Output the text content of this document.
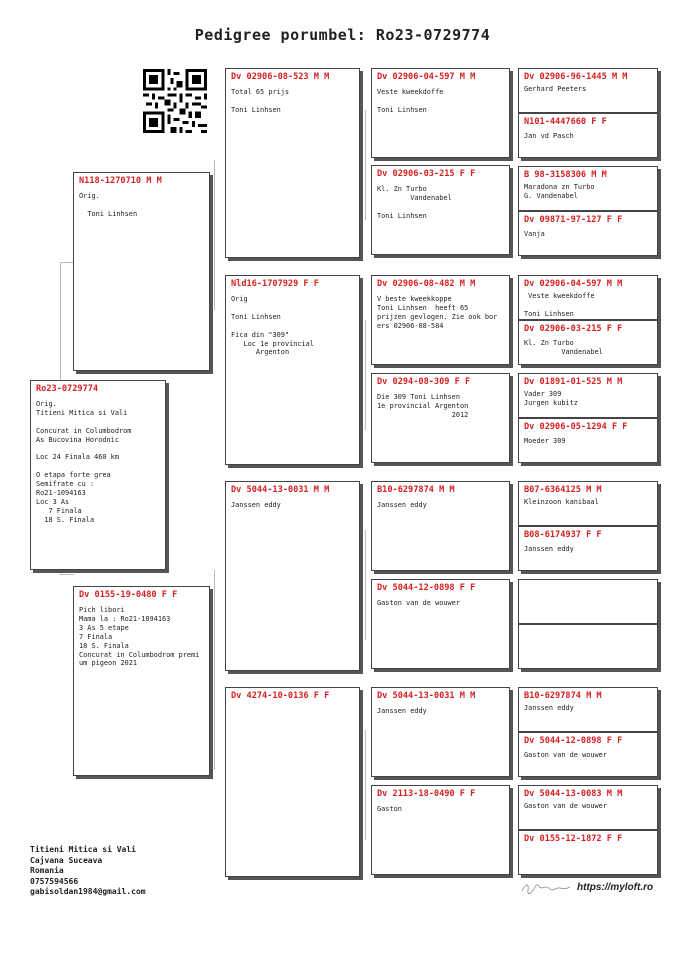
Pedigree porumbel: Ro23-0729774
Ro23-0729774
Orig.
Titieni Mitica si Vali

Concurat in Columbodrom
As Bucovina Horodnic

Loc 24 Finala 460 km

O etapa forte grea
Semifrate cu :
Ro21-1094163
Loc 3 As
7 Finala
18 S. Finala
N118-1270710 M M
Orig.

Toni Linhsen
Dv 0155-19-0480 F F
Pich libori
Mama la : Ro21-1094163
3 As 5 etape
7 Finala
18 S. Finala
Concurat in Columbodrom premi
um pigeon 2021
Dv 02906-08-523 M M
Total 65 prijs

Toni Linhsen
Nld16-1707929 F F
Orig

Toni Linhsen

Fica din "309"
Loc 1e provincial
Argenton
Dv 5044-13-0031 M M
Janssen eddy
Dv 4274-10-0136 F F
Dv 02906-04-597 M M
Veste kweekdoffe

Toni Linhsen
Dv 02906-03-215 F F
Kl. Zn Turbo
Vandenabel

Toni Linhsen
Dv 02906-08-482 M M
V beste kweekkoppe
Toni Linhsen  heeft 65
prijzen gevlogen. Zie ook bor
ers 02906-08-584
Dv 0294-08-309 F F
Die 309 Toni Linhsen
1e provincial Argenton
2012
B10-6297874 M M
Janssen eddy
Dv 5044-12-0898 F F
Gaston van de wouwer
Dv 5044-13-0031 M M
Janssen eddy
Dv 2113-18-0490 F F
Gaston
Dv 02906-96-1445 M M
Gerhard Peeters
N101-4447660 F F
Jan vd Pasch
B 98-3158306 M M
Maradona zn Turbo
G. Vandenabel
Dv 09871-97-127 F F
Vanja
Dv 02906-04-597 M M
Veste kweekdoffe

Toni Linhsen
Dv 02906-03-215 F F
Kl. Zn Turbo
Vandenabel
Dv 01891-01-525 M M
Vader 309
Jurgen kubitz
Dv 02906-05-1294 F F
Moeder 309
B07-6364125 M M
Kleinzoon kanibaal
B08-6174937 F F
Janssen eddy
B10-6297874 M M
Janssen eddy
Dv 5044-12-0898 F F
Gaston van de wouwer
Dv 5044-13-0083 M M
Gaston van de wouwer
Dv 0155-12-1872 F F
Titieni Mitica si Vali
Cajvana Suceava
Romania
0757594566
gabisoldan1984@gmail.com	https://myloft.ro
